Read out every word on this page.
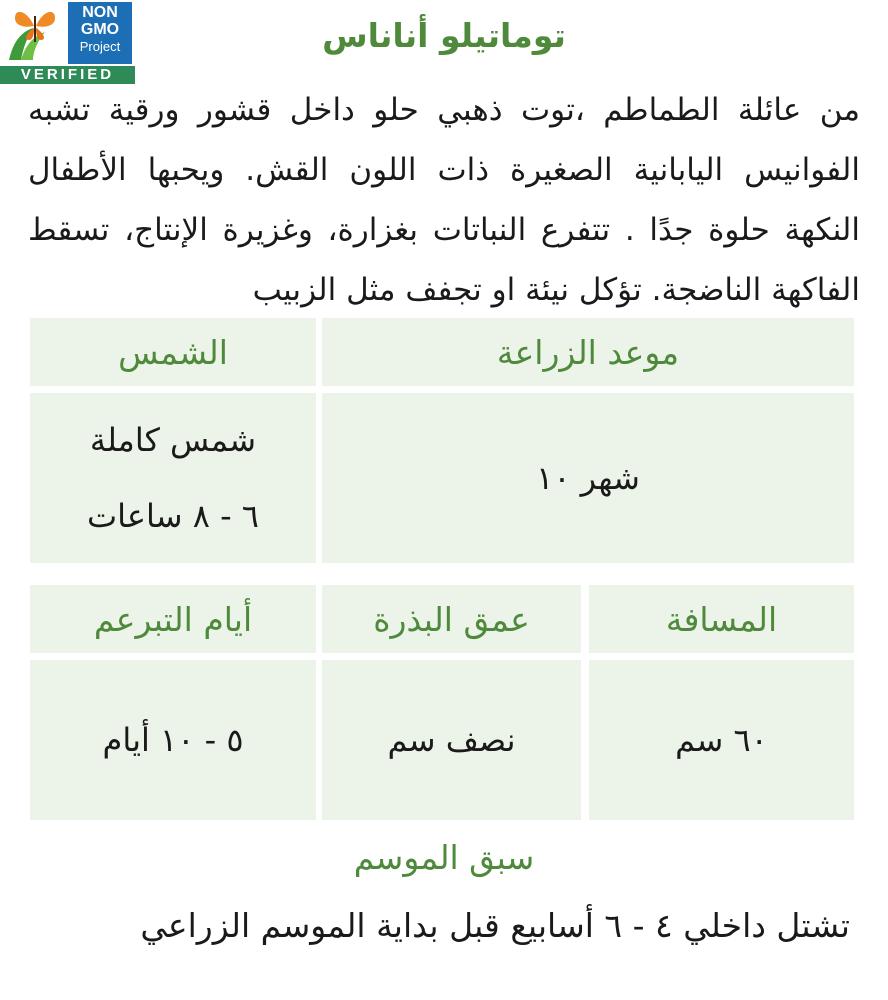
NON
GMO
Project
VERIFIED
توماتيلو أناناس
من عائلة الطماطم ،توت ذهبي حلو داخل قشور ورقية تشبه الفوانيس اليابانية الصغيرة ذات اللون القش. ويحبها الأطفال النكهة حلوة جدًا . تتفرع النباتات بغزارة، وغزيرة الإنتاج، تسقط الفاكهة الناضجة. تؤكل نيئة او تجفف مثل الزبيب
موعد الزراعة
الشمس
شهر ١٠
شمس كاملة
٦ - ٨ ساعات
المسافة
عمق البذرة
أيام التبرعم
٦٠ سم
نصف سم
٥ - ١٠ أيام
سبق الموسم
تشتل داخلي ٤ - ٦ أسابيع قبل بداية الموسم الزراعي
